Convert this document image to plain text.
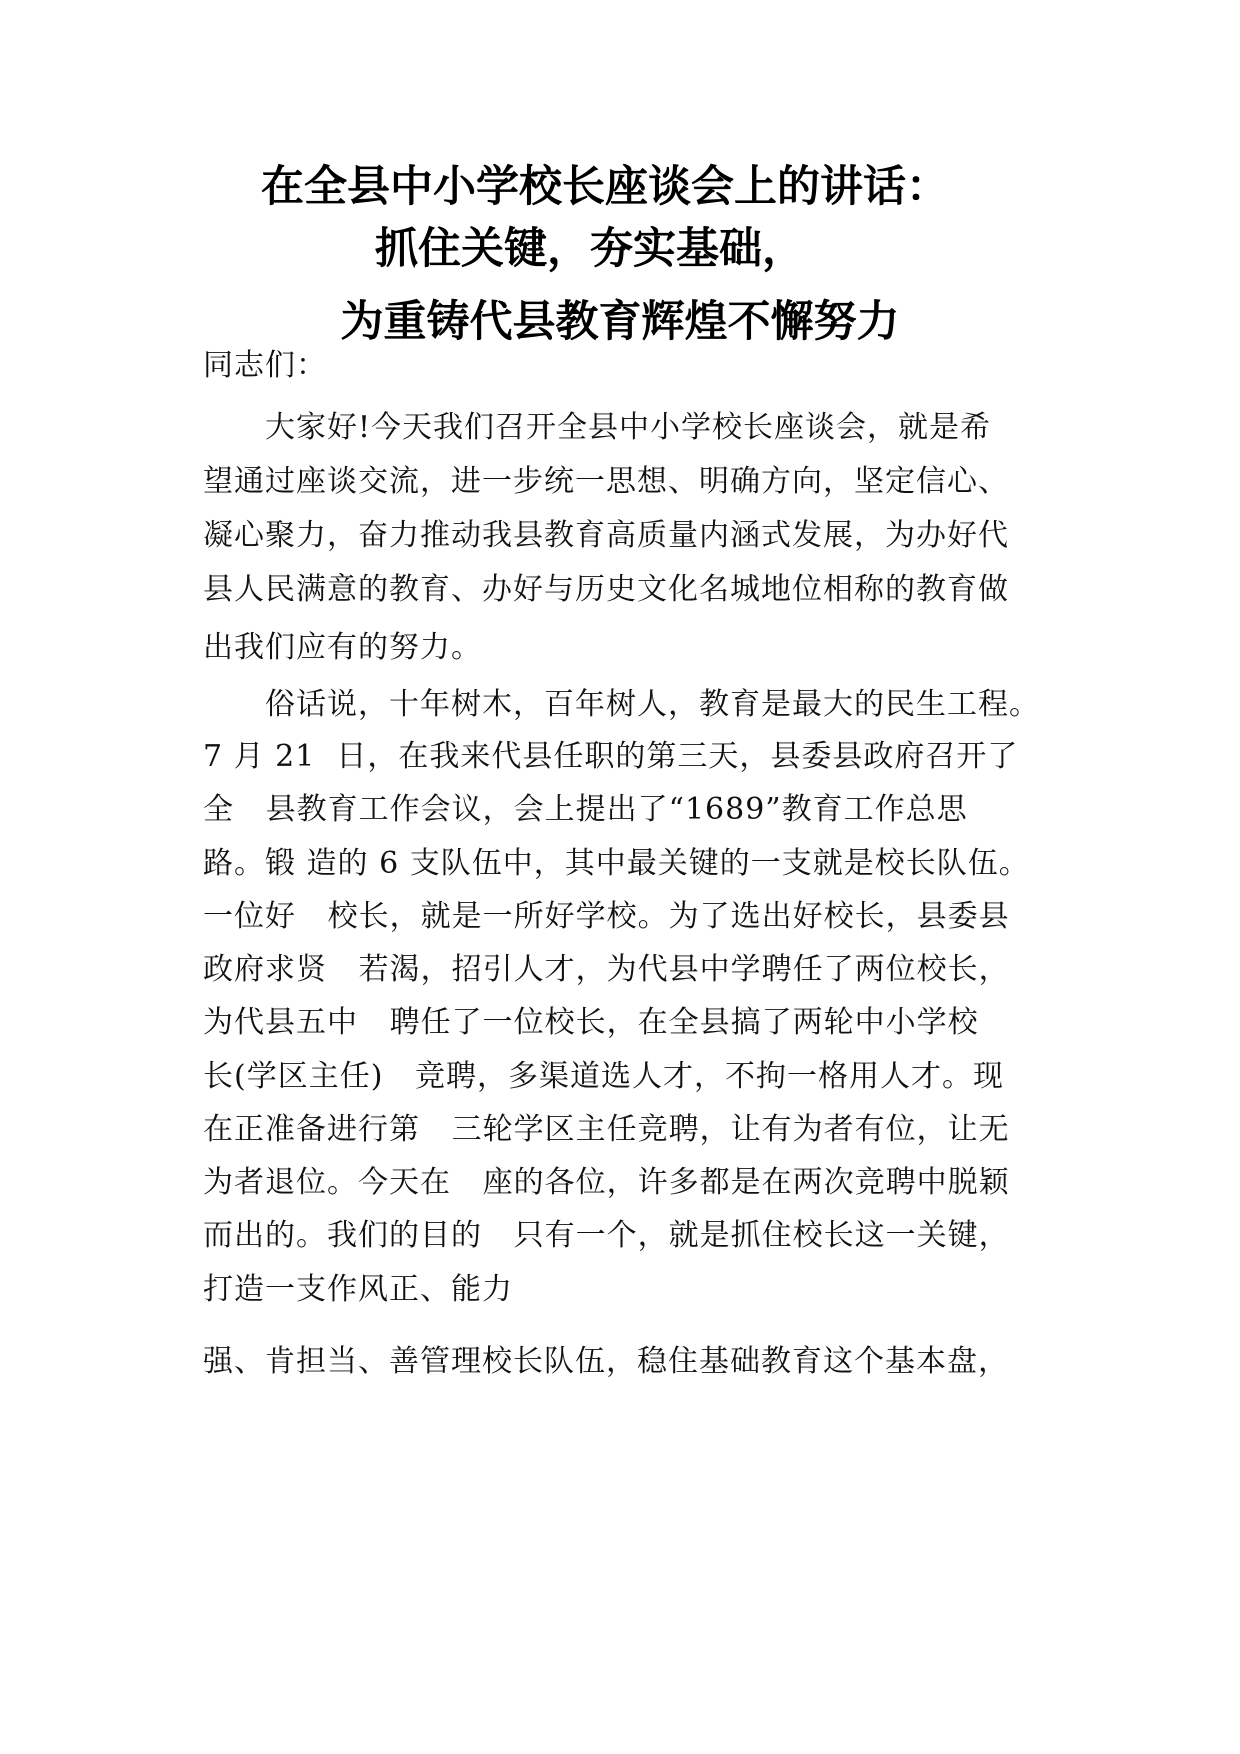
在全县中小学校长座谈会上的讲话：
抓住关键，夯实基础，
为重铸代县教育辉煌不懈努力
同志们：
　　大家好!今天我们召开全县中小学校长座谈会，就是希
望通过座谈交流，进一步统一思想、明确方向，坚定信心、
凝心聚力，奋力推动我县教育高质量内涵式发展，为办好代
县人民满意的教育、办好与历史文化名城地位相称的教育做
出我们应有的努力。
　　俗话说，十年树木，百年树人，教育是最大的民生工程。
7 月 21  日，在我来代县任职的第三天，县委县政府召开了
全   县教育工作会议，会上提出了“1689”教育工作总思
路。锻 造的 6 支队伍中，其中最关键的一支就是校长队伍。
一位好   校长，就是一所好学校。为了选出好校长，县委县
政府求贤   若渴，招引人才，为代县中学聘任了两位校长，
为代县五中   聘任了一位校长，在全县搞了两轮中小学校
长(学区主任)   竞聘，多渠道选人才，不拘一格用人才。现
在正准备进行第   三轮学区主任竞聘，让有为者有位，让无
为者退位。今天在   座的各位，许多都是在两次竞聘中脱颖
而出的。我们的目的   只有一个，就是抓住校长这一关键，
打造一支作风正、能力
强、肯担当、善管理校长队伍，稳住基础教育这个基本盘，
